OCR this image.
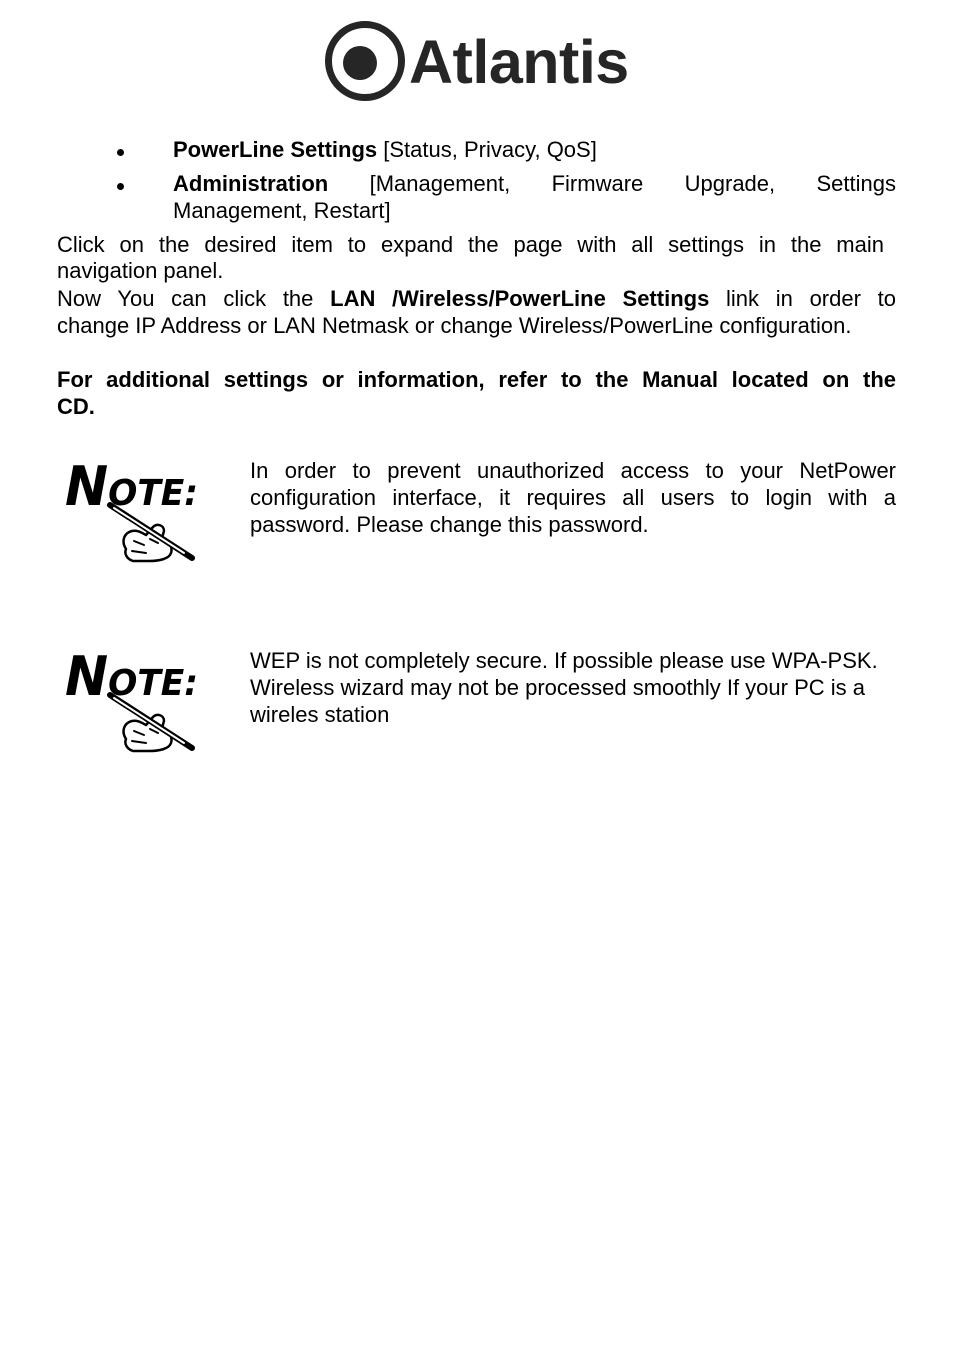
Atlantis
PowerLine Settings [Status, Privacy, QoS]
Administration [Management, Firmware Upgrade, Settings
Management, Restart]
Click on the desired item to expand the page with all settings in the main
navigation panel.
Now You can click the LAN /Wireless/PowerLine Settings link in order to
change IP Address or LAN Netmask or change Wireless/PowerLine configuration.
For additional settings or information, refer to the Manual located on the
CD.
NOTE:
In order to prevent unauthorized access to your NetPower
configuration interface, it requires all users to login with a
password. Please change this password.
NOTE:
WEP is not completely secure. If possible please use WPA-PSK.
Wireless wizard may not be processed smoothly If your PC is a
wireles station
